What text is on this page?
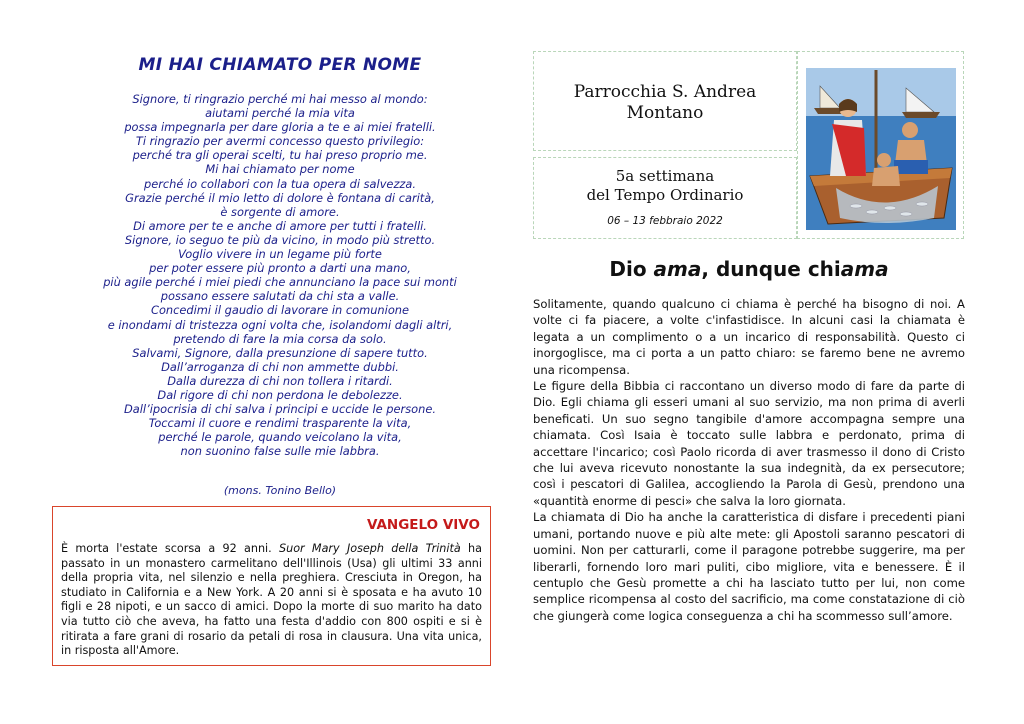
MI HAI CHIAMATO PER NOME
Signore, ti ringrazio perché mi hai messo al mondo:
aiutami perché la mia vita
possa impegnarla per dare gloria a te e ai miei fratelli.
Ti ringrazio per avermi concesso questo privilegio:
perché tra gli operai scelti, tu hai preso proprio me.
Mi hai chiamato per nome
perché io collabori con la tua opera di salvezza.
Grazie perché il mio letto di dolore è fontana di carità,
è sorgente di amore.
Di amore per te e anche di amore per tutti i fratelli.
Signore, io seguo te più da vicino, in modo più stretto.
Voglio vivere in un legame più forte
per poter essere più pronto a darti una mano,
più agile perché i miei piedi che annunciano la pace sui monti
possano essere salutati da chi sta a valle.
Concedimi il gaudio di lavorare in comunione
e inondami di tristezza ogni volta che, isolandomi dagli altri,
pretendo di fare la mia corsa da solo.
Salvami, Signore, dalla presunzione di sapere tutto.
Dall’arroganza di chi non ammette dubbi.
Dalla durezza di chi non tollera i ritardi.
Dal rigore di chi non perdona le debolezze.
Dall’ipocrisia di chi salva i principi e uccide le persone.
Toccami il cuore e rendimi trasparente la vita,
perché le parole, quando veicolano la vita,
non suonino false sulle mie labbra.
(mons. Tonino Bello)
VANGELO VIVO
È morta l'estate scorsa a 92 anni. Suor Mary Joseph della Trinità ha passato in un monastero carmelitano dell'Illinois (Usa) gli ultimi 33 anni della propria vita, nel silenzio e nella preghiera. Cresciuta in Oregon, ha studiato in California e a New York. A 20 anni si è sposata e ha avuto 10 figli e 28 nipoti, e un sacco di amici. Dopo la morte di suo marito ha dato via tutto ciò che aveva, ha fatto una festa d'addio con 800 ospiti e si è ritirata a fare grani di rosario da petali di rosa in clausura. Una vita unica, in risposta all'Amore.
Parrocchia S. Andrea
Montano
5a settimana
del Tempo Ordinario
06 – 13 febbraio 2022
Dio ama, dunque chiama

Solitamente, quando qualcuno ci chiama è perché ha bisogno di noi. A volte ci fa piacere, a volte c'infastidisce. In alcuni casi la chiamata è legata a un complimento o a un incarico di responsabilità. Questo ci inorgoglisce, ma ci porta a un patto chiaro: se faremo bene ne avremo una ricompensa.

Le figure della Bibbia ci raccontano un diverso modo di fare da parte di Dio. Egli chiama gli esseri umani al suo servizio, ma non prima di averli beneficati. Un suo segno tangibile d'amore accompagna sempre una chiamata. Così Isaia è toccato sulle labbra e perdonato, prima di accettare l'incarico; così Paolo ricorda di aver trasmesso il dono di Cristo che lui aveva ricevuto nonostante la sua indegnità, da ex persecutore; così i pescatori di Galilea, accogliendo la Parola di Gesù, prendono una «quantità enorme di pesci» che salva la loro giornata.

La chiamata di Dio ha anche la caratteristica di disfare i precedenti piani umani, portando nuove e più alte mete: gli Apostoli saranno pescatori di uomini. Non per catturarli, come il paragone potrebbe suggerire, ma per liberarli, fornendo loro mari puliti, cibo migliore, vita e benessere. È il centuplo che Gesù promette a chi ha lasciato tutto per lui, non come semplice ricompensa al costo del sacrificio, ma come constatazione di ciò che giungerà come logica conseguenza a chi ha scommesso sull’amore.
